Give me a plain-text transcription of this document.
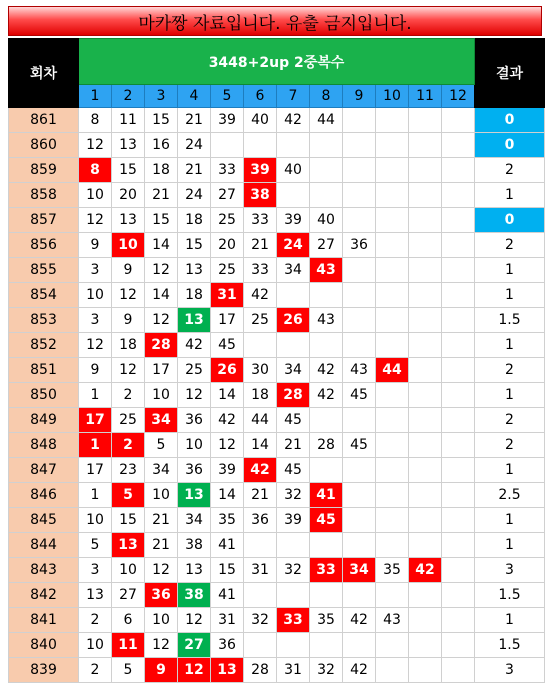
마카짱 자료입니다. 유출 금지입니다.
회차	3448+2up 2중복수												결과
	1	2	3	4	5	6	7	8	9	10	11	12	
861	8	11	15	21	39	40	42	44					0
860	12	13	16	24									0
859	8	15	18	21	33	39	40						2
858	10	20	21	24	27	38							1
857	12	13	15	18	25	33	39	40					0
856	9	10	14	15	20	21	24	27	36				2
855	3	9	12	13	25	33	34	43					1
854	10	12	14	18	31	42							1
853	3	9	12	13	17	25	26	43					1.5
852	12	18	28	42	45								1
851	9	12	17	25	26	30	34	42	43	44			2
850	1	2	10	12	14	18	28	42	45				1
849	17	25	34	36	42	44	45						2
848	1	2	5	10	12	14	21	28	45				2
847	17	23	34	36	39	42	45						1
846	1	5	10	13	14	21	32	41					2.5
845	10	15	21	34	35	36	39	45					1
844	5	13	21	38	41								1
843	3	10	12	13	15	31	32	33	34	35	42		3
842	13	27	36	38	41								1.5
841	2	6	10	12	31	32	33	35	42	43			1
840	10	11	12	27	36								1.5
839	2	5	9	12	13	28	31	32	42				3
